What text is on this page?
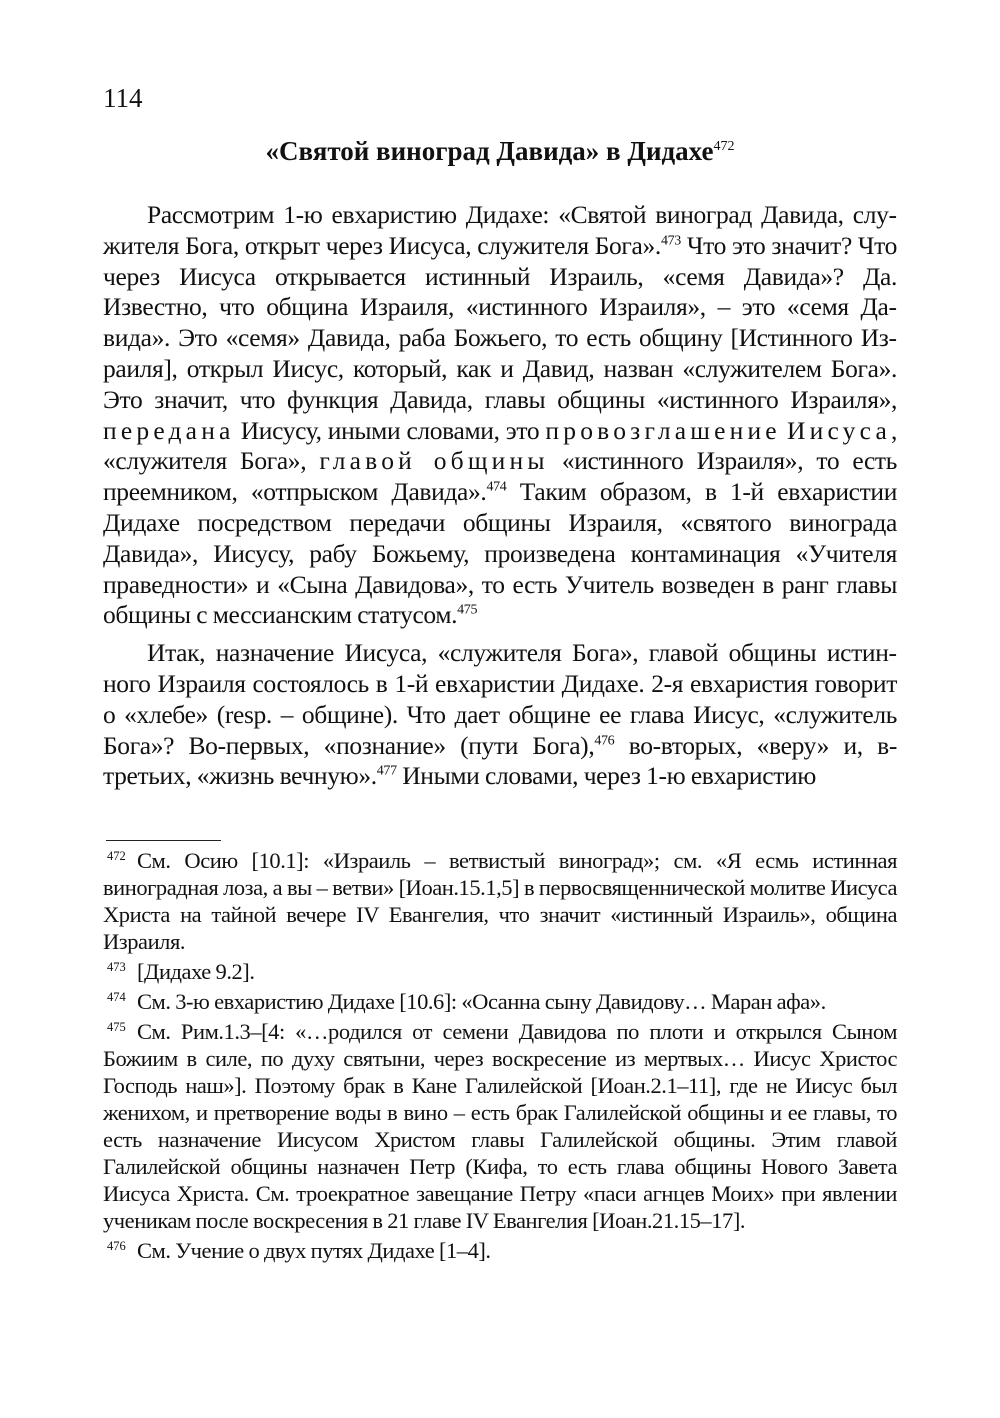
114
«Святой виноград Давида» в Дидахе$^{472}$

Рассмотрим 1-ю евхаристию Дидахе: «Святой виноград Давида, служителя Бога, открыт через Иисуса, служителя Бога».$^{473}$ Что это значит? Что через Иисуса открывается истинный Израиль, «семя Давида»? Да. Известно, что община Израиля, «истинного Израиля», – это «семя Давида». Это «семя» Давида, раба Божьего, то есть общину [Истинного Израиля], открыл Иисус, который, как и Давид, назван «служителем Бога». Это значит, что функция Давида, главы общины «истинного Израиля», передана Иисусу, иными словами, это провозглашение Иисуса, «служителя Бога», главой общины «истинного Израиля», то есть преемником, «отпрыском Давида».$^{474}$ Таким образом, в 1-й евхаристии Дидахе посредством передачи общины Израиля, «святого винограда Давида», Иисусу, рабу Божьему, произведена контаминация «Учителя праведности» и «Сына Давидова», то есть Учитель возведен в ранг главы общины с мессианским статусом.$^{475}$

Итак, назначение Иисуса, «служителя Бога», главой общины истинного Израиля состоялось в 1-й евхаристии Дидахе. 2-я евхаристия говорит о «хлебе» (resp. – общине). Что дает общине ее глава Иисус, «служитель Бога»? Во-первых, «познание» (пути Бога),$^{476}$ во-вторых, «веру» и, в-третьих, «жизнь вечную».$^{477}$ Иными словами, через 1-ю евхаристию

472 См. Осию [10.1]: «Израиль – ветвистый виноград»; см. «Я есмь истинная виноградная лоза, а вы – ветви» [Иоан.15.1,5] в первосвященнической молитве Иисуса Христа на тайной вечере IV Евангелия, что значит «истинный Израиль», община Израиля.

473 [Дидахе 9.2].

474 См. 3-ю евхаристию Дидахе [10.6]: «Осанна сыну Давидову… Маран афа».

475 См. Рим.1.3–[4: «…родился от семени Давидова по плоти и открылся Сыном Божиим в силе, по духу святыни, через воскресение из мертвых… Иисус Христос Господь наш»]. Поэтому брак в Кане Галилейской [Иоан.2.1–11], где не Иисус был женихом, и претворение воды в вино – есть брак Галилейской общины и ее главы, то есть назначение Иисусом Христом главы Галилейской общины. Этим главой Галилейской общины назначен Петр (Кифа, то есть глава общины Нового Завета Иисуса Христа. См. троекратное завещание Петру «паси агнцев Моих» при явлении ученикам после воскресения в 21 главе IV Евангелия [Иоан.21.15–17].

476 См. Учение о двух путях Дидахе [1–4].
